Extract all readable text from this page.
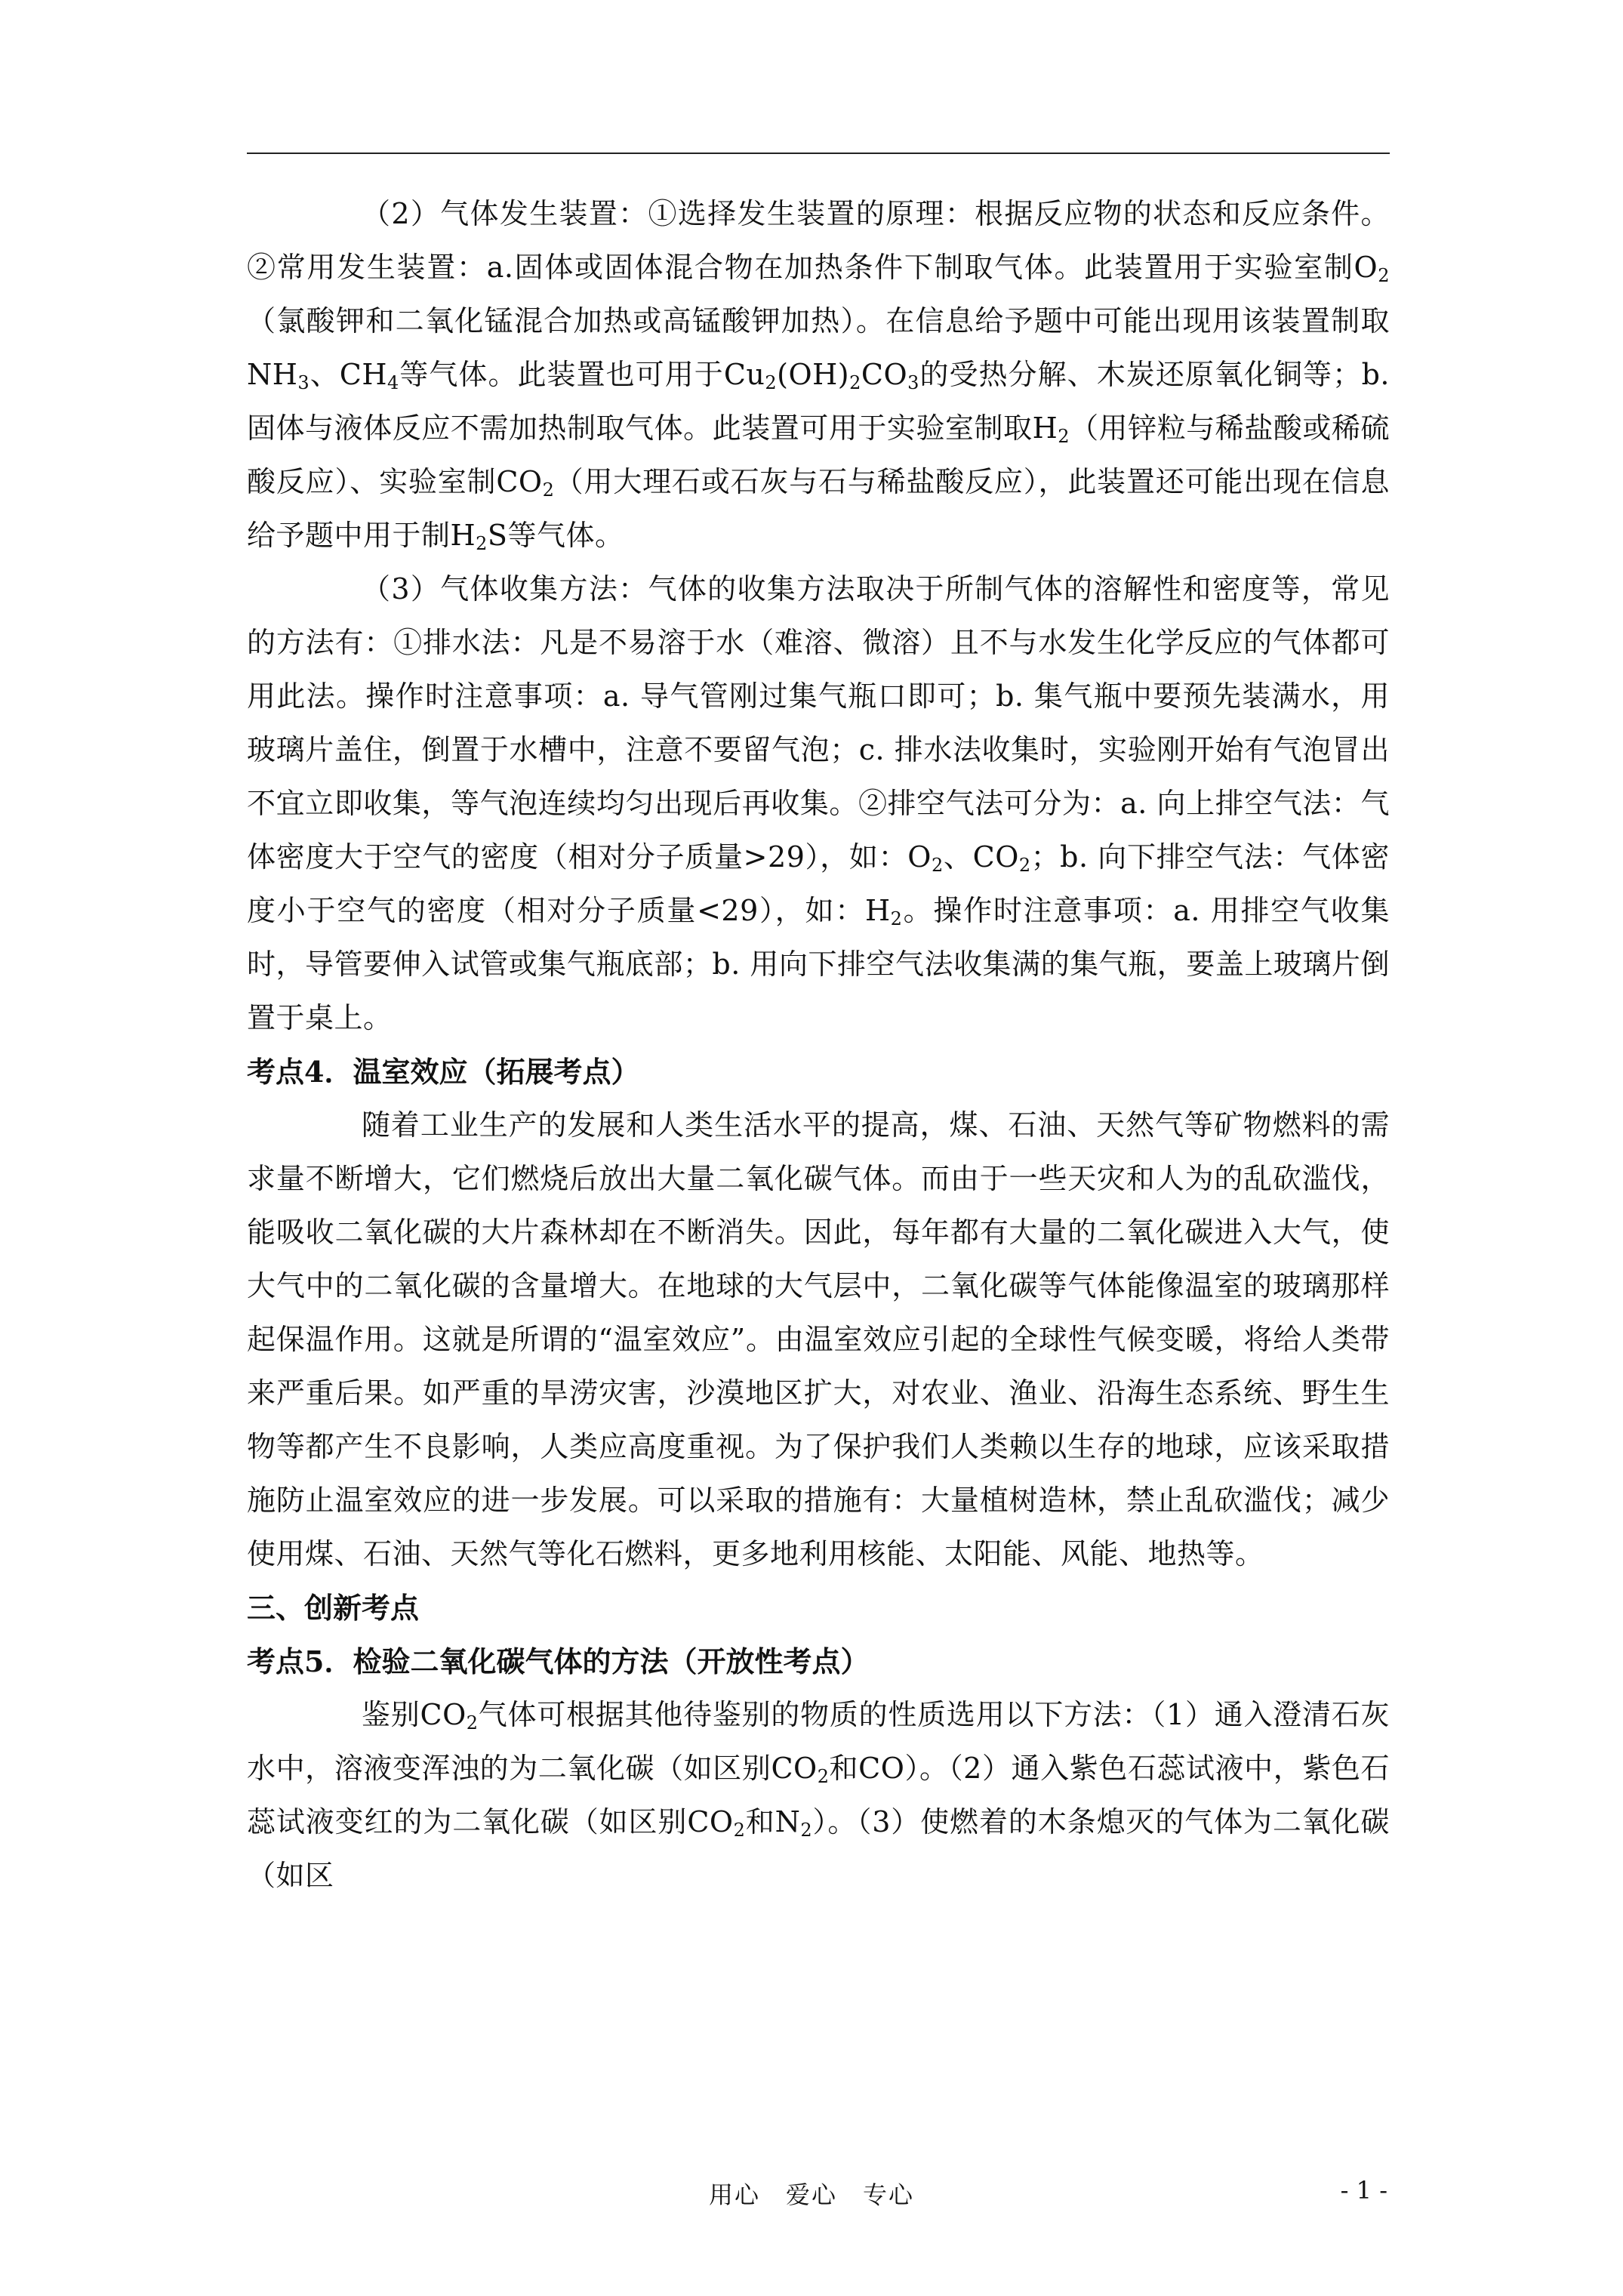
（2）气体发生装置：①选择发生装置的原理：根据反应物的状态和反应条件。②常用发生装置：a.固体或固体混合物在加热条件下制取气体。此装置用于实验室制$O_2$（氯酸钾和二氧化锰混合加热或高锰酸钾加热）。在信息给予题中可能出现用该装置制取$NH_3$、$CH_4$等气体。此装置也可用于$Cu_2(OH)_2CO_3$的受热分解、木炭还原氧化铜等；b.固体与液体反应不需加热制取气体。此装置可用于实验室制取$H_2$（用锌粒与稀盐酸或稀硫酸反应）、实验室制$CO_2$（用大理石或石灰与石与稀盐酸反应），此装置还可能出现在信息给予题中用于制$H_2S$等气体。

（3）气体收集方法：气体的收集方法取决于所制气体的溶解性和密度等，常见的方法有：①排水法：凡是不易溶于水（难溶、微溶）且不与水发生化学反应的气体都可用此法。操作时注意事项：a. 导气管刚过集气瓶口即可；b. 集气瓶中要预先装满水，用玻璃片盖住，倒置于水槽中，注意不要留气泡；c. 排水法收集时，实验刚开始有气泡冒出不宜立即收集，等气泡连续均匀出现后再收集。②排空气法可分为：a. 向上排空气法：气体密度大于空气的密度（相对分子质量>29），如：$O_2$、$CO_2$；b. 向下排空气法：气体密度小于空气的密度（相对分子质量<29），如：$H_2$。操作时注意事项：a. 用排空气收集时，导管要伸入试管或集气瓶底部；b. 用向下排空气法收集满的集气瓶，要盖上玻璃片倒置于桌上。

考点4．温室效应（拓展考点）

随着工业生产的发展和人类生活水平的提高，煤、石油、天然气等矿物燃料的需求量不断增大，它们燃烧后放出大量二氧化碳气体。而由于一些天灾和人为的乱砍滥伐，能吸收二氧化碳的大片森林却在不断消失。因此，每年都有大量的二氧化碳进入大气，使大气中的二氧化碳的含量增大。在地球的大气层中，二氧化碳等气体能像温室的玻璃那样起保温作用。这就是所谓的“温室效应”。由温室效应引起的全球性气候变暖，将给人类带来严重后果。如严重的旱涝灾害，沙漠地区扩大，对农业、渔业、沿海生态系统、野生生物等都产生不良影响，人类应高度重视。为了保护我们人类赖以生存的地球，应该采取措施防止温室效应的进一步发展。可以采取的措施有：大量植树造林，禁止乱砍滥伐；减少使用煤、石油、天然气等化石燃料，更多地利用核能、太阳能、风能、地热等。

三、创新考点

考点5．检验二氧化碳气体的方法（开放性考点）

鉴别$CO_2$气体可根据其他待鉴别的物质的性质选用以下方法：（1）通入澄清石灰水中，溶液变浑浊的为二氧化碳（如区别$CO_2$和CO）。（2）通入紫色石蕊试液中，紫色石蕊试液变红的为二氧化碳（如区别$CO_2$和$N_2$）。（3）使燃着的木条熄灭的气体为二氧化碳（如区

用心　爱心　专心	- 1 -
